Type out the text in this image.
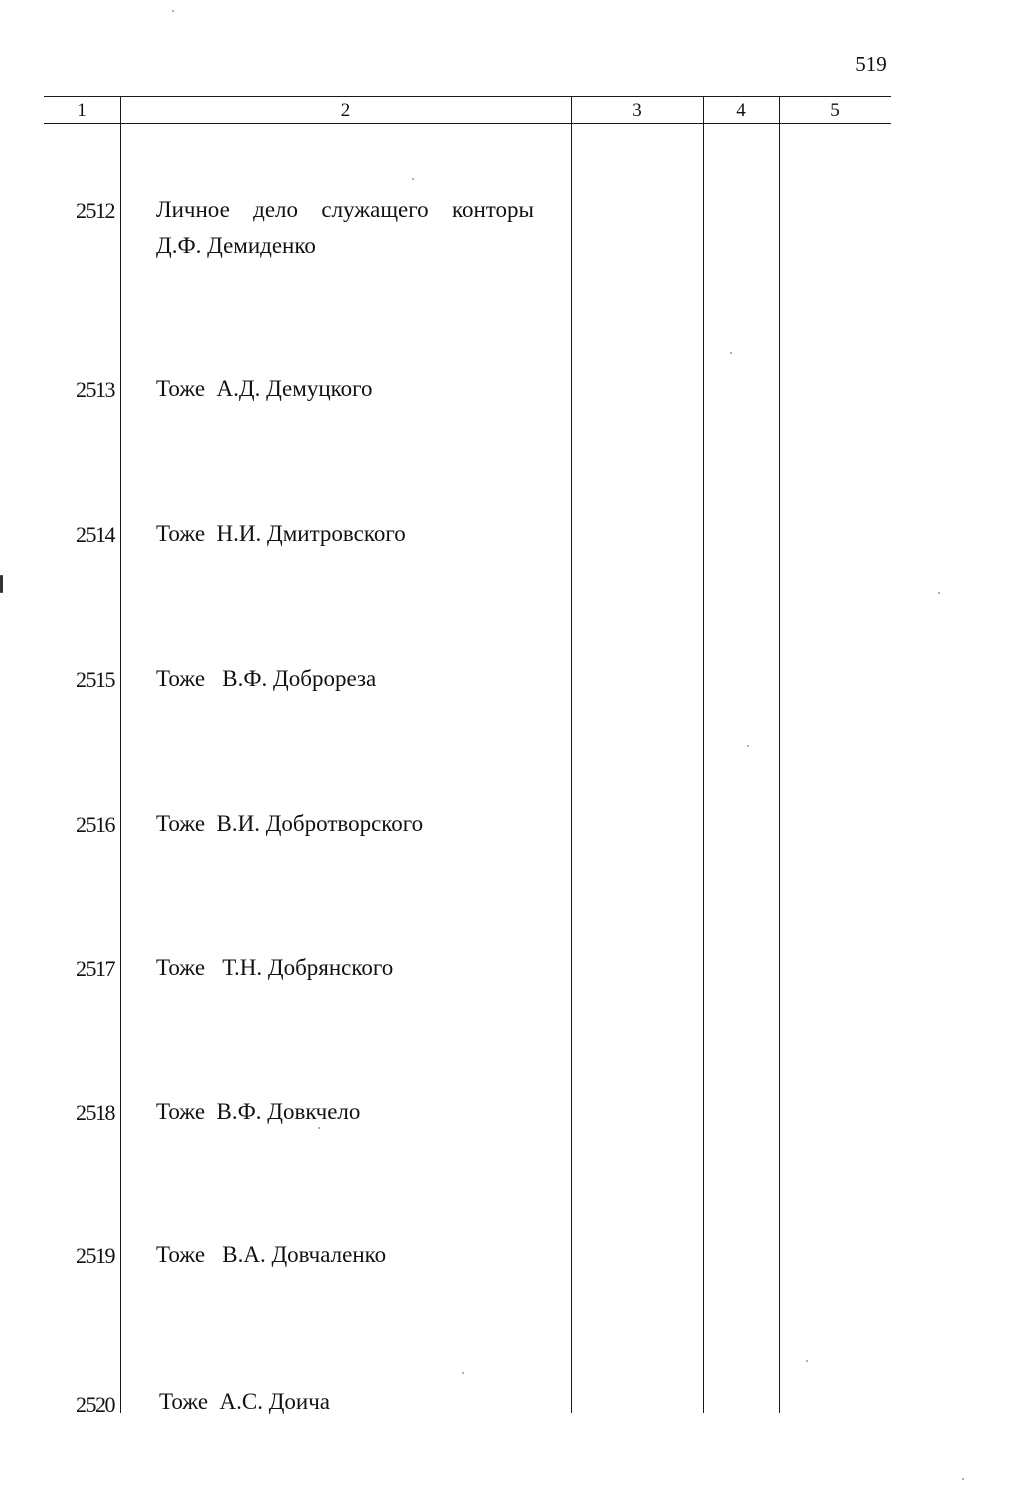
519
1	2	3	4	5
2512 Личное дело служащего конторы
Д.Ф. Демиденко
2513 Тоже  А.Д. Демуцкого
2514 Тоже  Н.И. Дмитровского
2515 Тоже   В.Ф. Доброреза
2516 Тоже  В.И. Добротворского
2517 Тоже   Т.Н. Добрянского
2518 Тоже  В.Ф. Довкчело
2519 Тоже   В.А. Довчаленко
2520 Тоже  А.С. Доича
